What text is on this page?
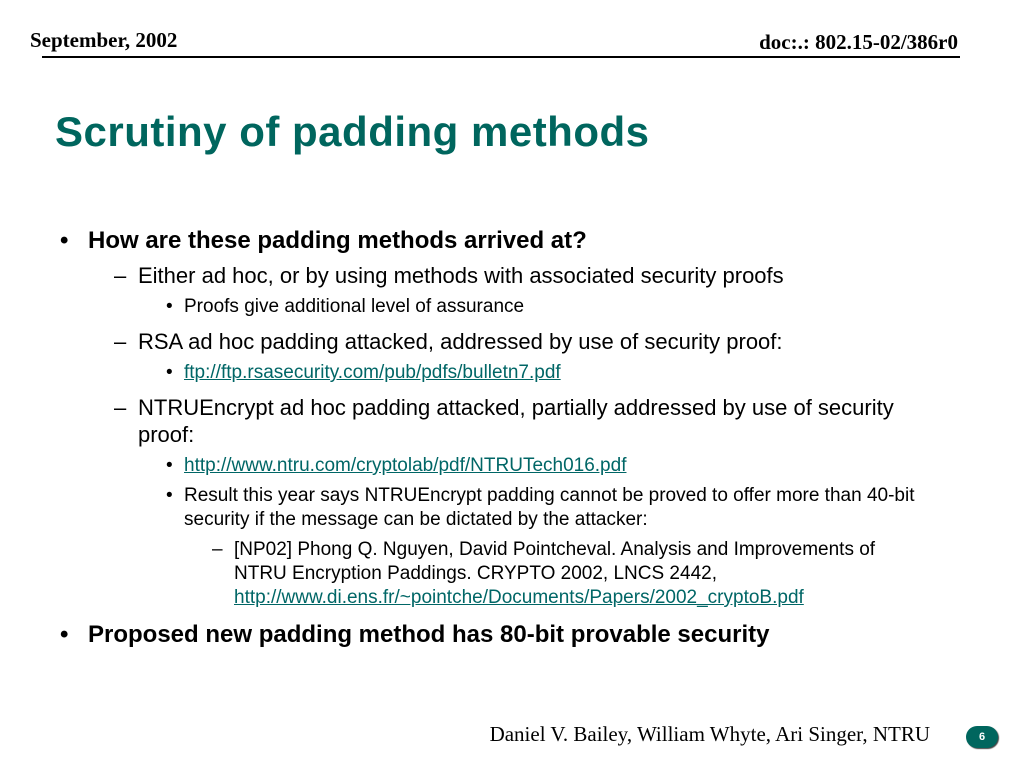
September, 2002	doc:.: 802.15-02/386r0
Scrutiny of padding methods
• How are these padding methods arrived at?
– Either ad hoc, or by using methods with associated security proofs
• Proofs give additional level of assurance
– RSA ad hoc padding attacked, addressed by use of security proof:
• ftp://ftp.rsasecurity.com/pub/pdfs/bulletn7.pdf
– NTRUEncrypt ad hoc padding attacked, partially addressed by use of security proof:
• http://www.ntru.com/cryptolab/pdf/NTRUTech016.pdf
• Result this year says NTRUEncrypt padding cannot be proved to offer more than 40-bit security if the message can be dictated by the attacker:
– [NP02] Phong Q. Nguyen, David Pointcheval. Analysis and Improvements of NTRU Encryption Paddings. CRYPTO 2002, LNCS 2442,
http://www.di.ens.fr/~pointche/Documents/Papers/2002_cryptoB.pdf
• Proposed new padding method has 80-bit provable security
Daniel V. Bailey, William Whyte, Ari Singer, NTRU	6
